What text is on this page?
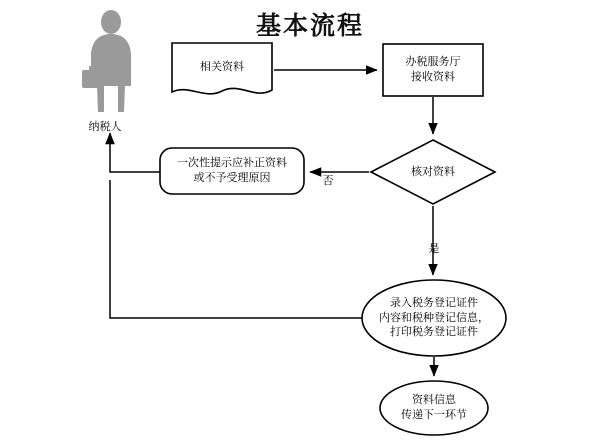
基本流程
纳税人
相关资料	办税服务厅
接收资料
核对资料
一次性提示应补正资料
或不予受理原因
录入税务登记证件
内容和税种登记信息，
打印税务登记证件
资料信息
传递下一环节
否
是
